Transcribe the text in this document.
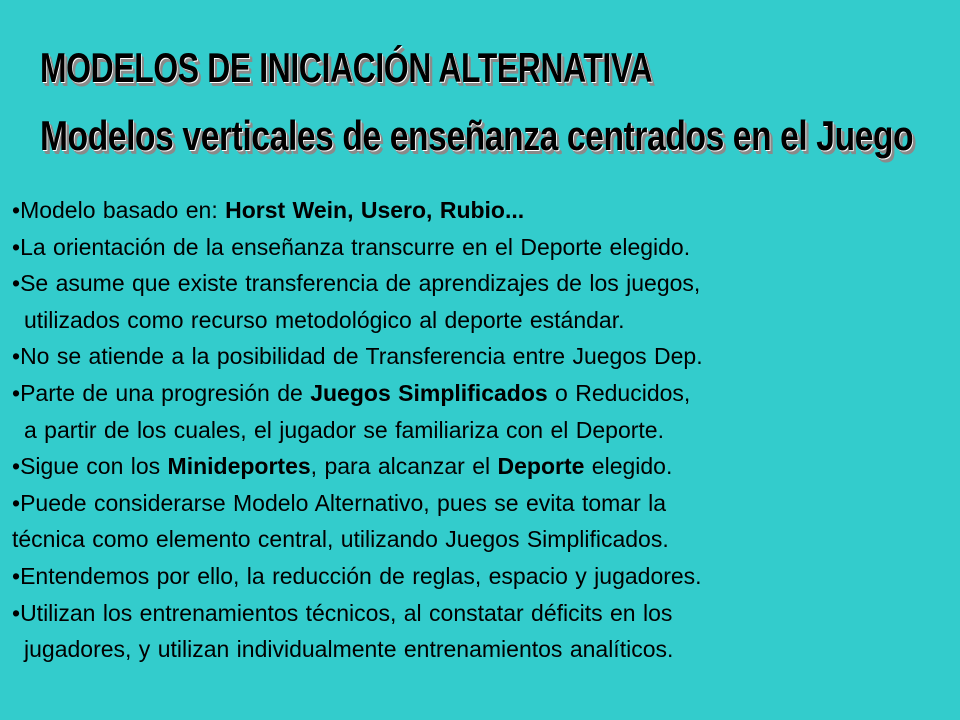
MODELOS DE INICIACIÓN ALTERNATIVA
Modelos verticales de enseñanza centrados en el Juego
•Modelo basado en: Horst Wein, Usero, Rubio...
•La orientación de la enseñanza transcurre en el Deporte elegido.
•Se asume que existe transferencia de aprendizajes de los juegos,
utilizados como recurso metodológico al deporte estándar.
•No se atiende a la posibilidad de Transferencia entre Juegos Dep.
•Parte de una progresión de Juegos Simplificados o Reducidos,
a partir de los cuales, el jugador se familiariza con el Deporte.
•Sigue con los Minideportes, para alcanzar el Deporte elegido.
•Puede considerarse Modelo Alternativo, pues se evita tomar la
técnica como elemento central, utilizando Juegos Simplificados.
•Entendemos por ello, la reducción de reglas, espacio y jugadores.
•Utilizan los entrenamientos técnicos, al constatar déficits en los
jugadores, y utilizan individualmente entrenamientos analíticos.
